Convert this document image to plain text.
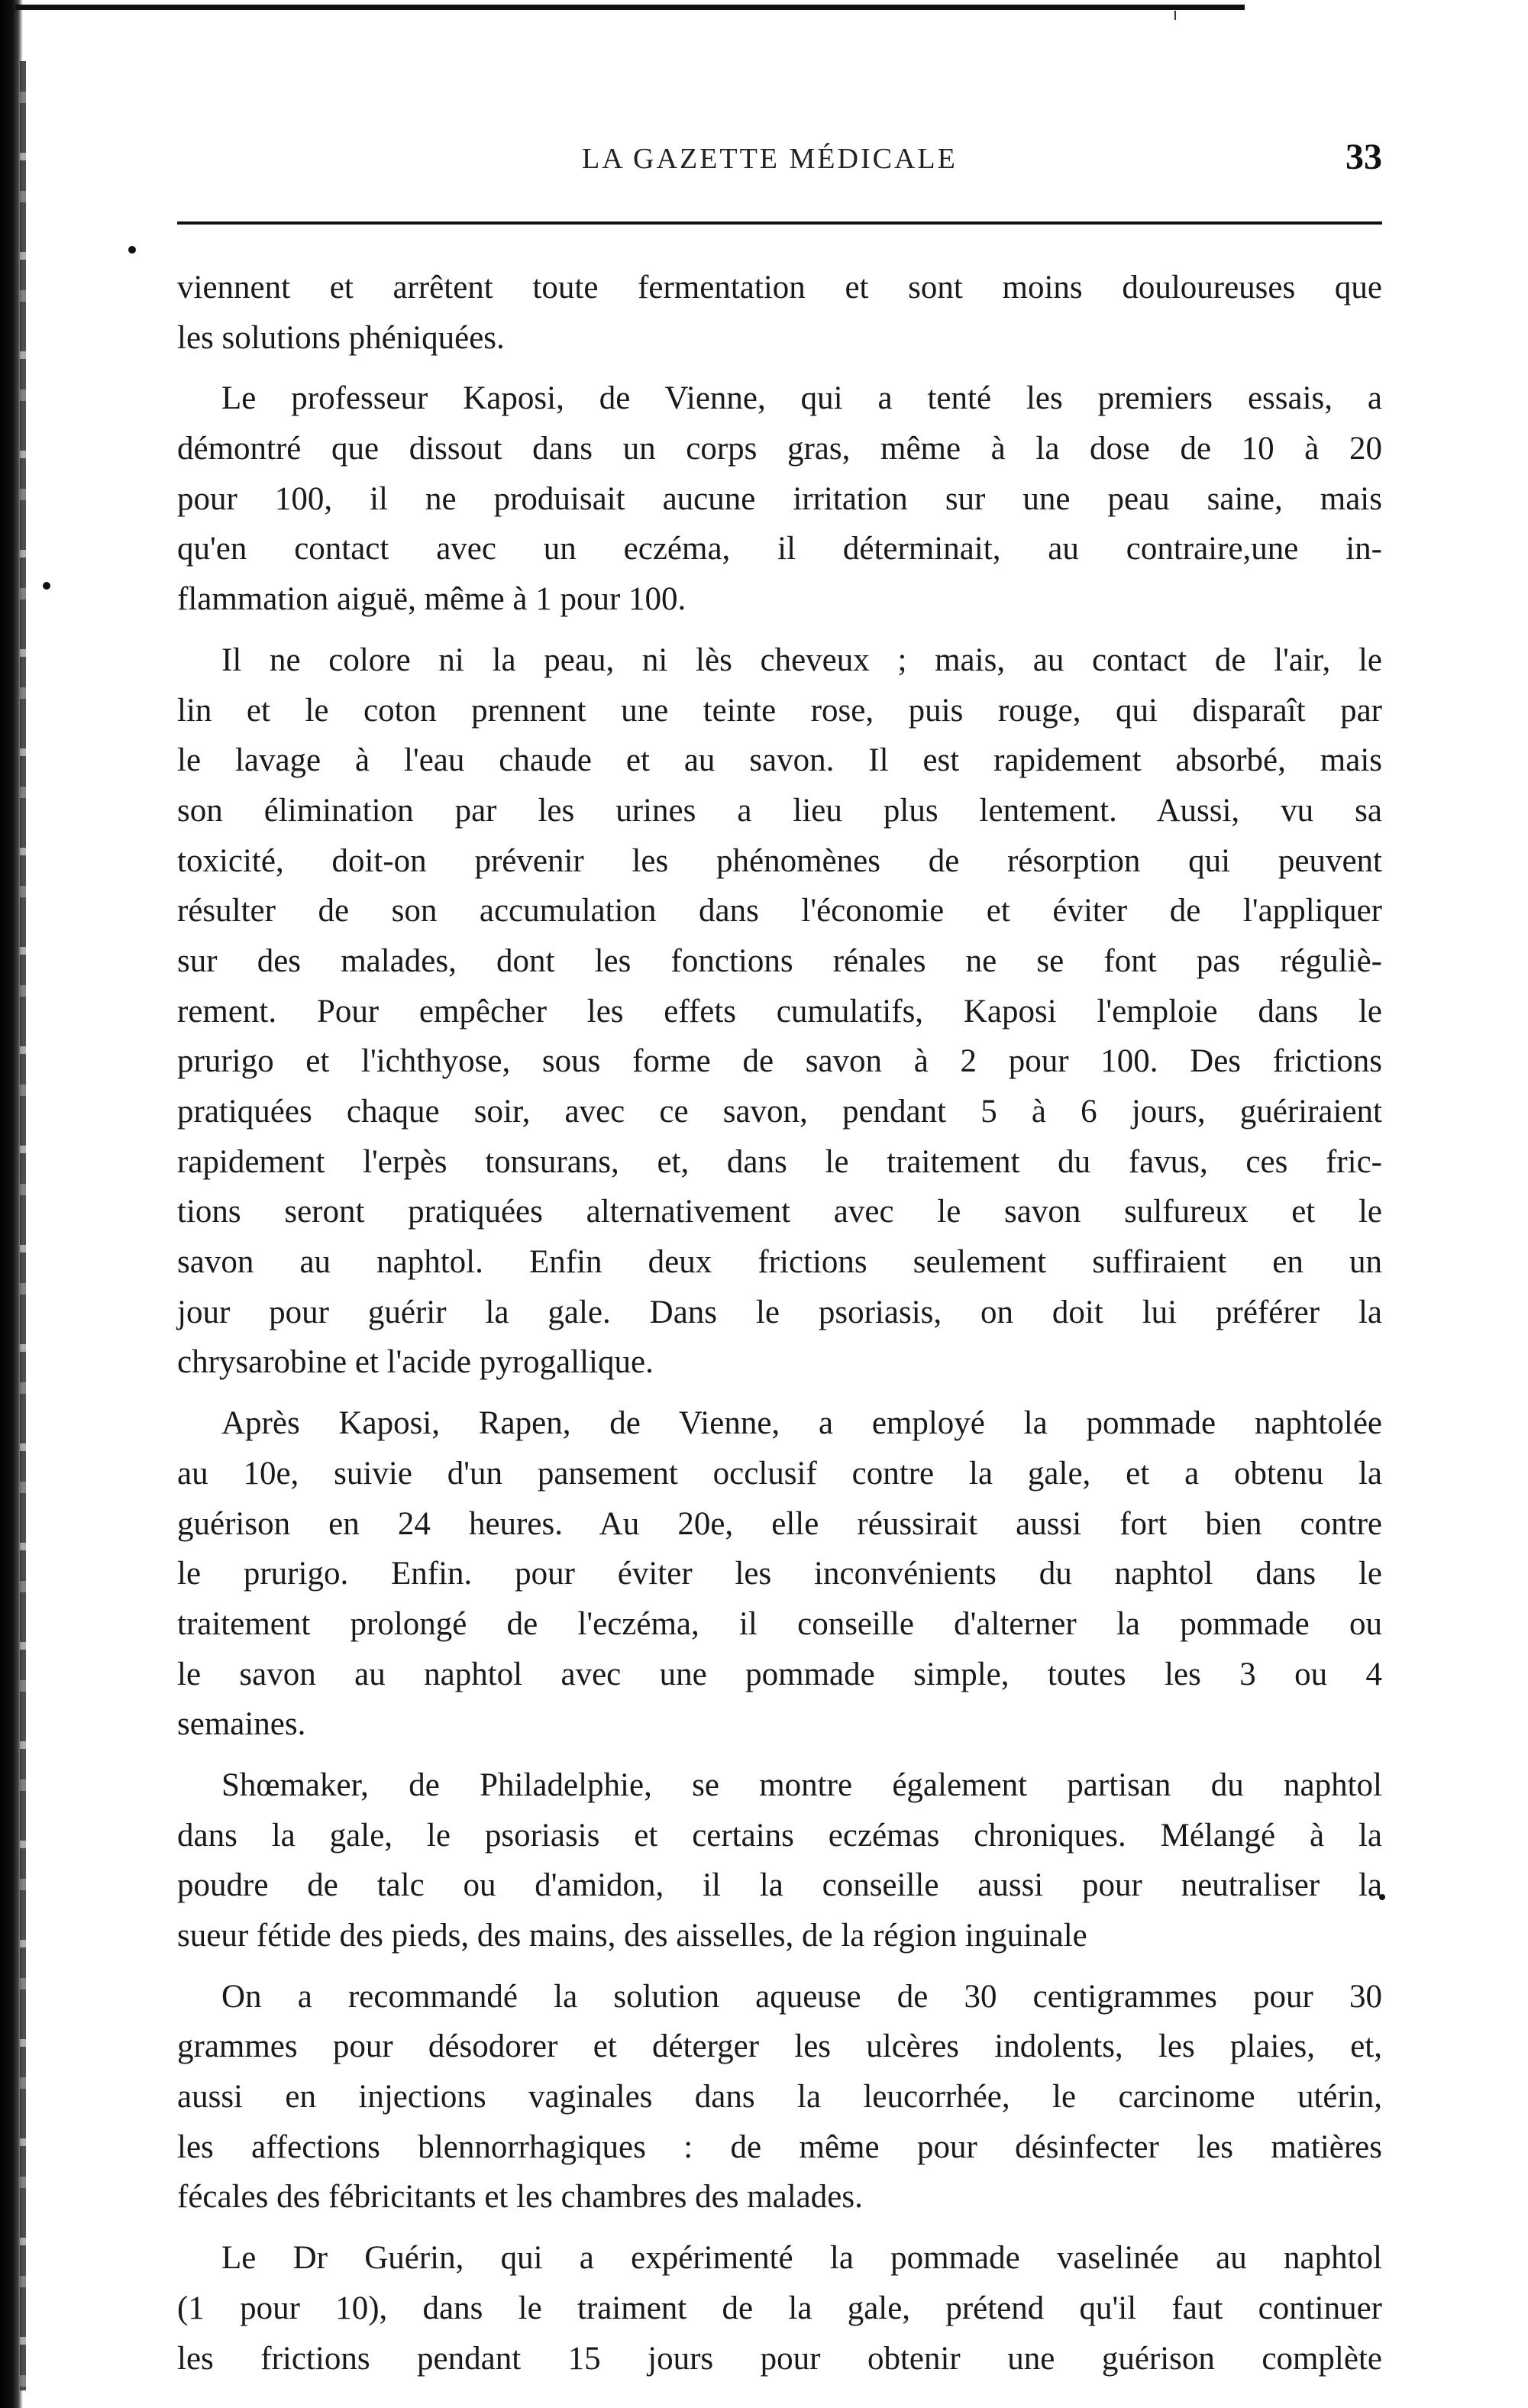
LA GAZETTE MÉDICALE	33
viennent et arrêtent toute fermentation et sont moins douloureuses que
les solutions phéniquées.
Le professeur Kaposi, de Vienne, qui a tenté les premiers essais, a
démontré que dissout dans un corps gras, même à la dose de 10 à 20
pour 100, il ne produisait aucune irritation sur une peau saine, mais
qu'en contact avec un eczéma, il déterminait, au contraire,une in-
flammation aiguë, même à 1 pour 100.
Il ne colore ni la peau, ni lès cheveux ; mais, au contact de l'air, le
lin et le coton prennent une teinte rose, puis rouge, qui disparaît par
le lavage à l'eau chaude et au savon. Il est rapidement absorbé, mais
son élimination par les urines a lieu plus lentement. Aussi, vu sa
toxicité, doit-on prévenir les phénomènes de résorption qui peuvent
résulter de son accumulation dans l'économie et éviter de l'appliquer
sur des malades, dont les fonctions rénales ne se font pas réguliè-
rement. Pour empêcher les effets cumulatifs, Kaposi l'emploie dans le
prurigo et l'ichthyose, sous forme de savon à 2 pour 100. Des frictions
pratiquées chaque soir, avec ce savon, pendant 5 à 6 jours, guériraient
rapidement l'erpès tonsurans, et, dans le traitement du favus, ces fric-
tions seront pratiquées alternativement avec le savon sulfureux et le
savon au naphtol. Enfin deux frictions seulement suffiraient en un
jour pour guérir la gale. Dans le psoriasis, on doit lui préférer la
chrysarobine et l'acide pyrogallique.
Après Kaposi, Rapen, de Vienne, a employé la pommade naphtolée
au 10e, suivie d'un pansement occlusif contre la gale, et a obtenu la
guérison en 24 heures. Au 20e, elle réussirait aussi fort bien contre
le prurigo. Enfin. pour éviter les inconvénients du naphtol dans le
traitement prolongé de l'eczéma, il conseille d'alterner la pommade ou
le savon au naphtol avec une pommade simple, toutes les 3 ou 4
semaines.
Shœmaker, de Philadelphie, se montre également partisan du naphtol
dans la gale, le psoriasis et certains eczémas chroniques. Mélangé à la
poudre de talc ou d'amidon, il la conseille aussi pour neutraliser la
sueur fétide des pieds, des mains, des aisselles, de la région inguinale
On a recommandé la solution aqueuse de 30 centigrammes pour 30
grammes pour désodorer et déterger les ulcères indolents, les plaies, et,
aussi en injections vaginales dans la leucorrhée, le carcinome utérin,
les affections blennorrhagiques : de même pour désinfecter les matières
fécales des fébricitants et les chambres des malades.
Le Dr Guérin, qui a expérimenté la pommade vaselinée au naphtol
(1 pour 10), dans le traiment de la gale, prétend qu'il faut continuer
les frictions pendant 15 jours pour obtenir une guérison complète
